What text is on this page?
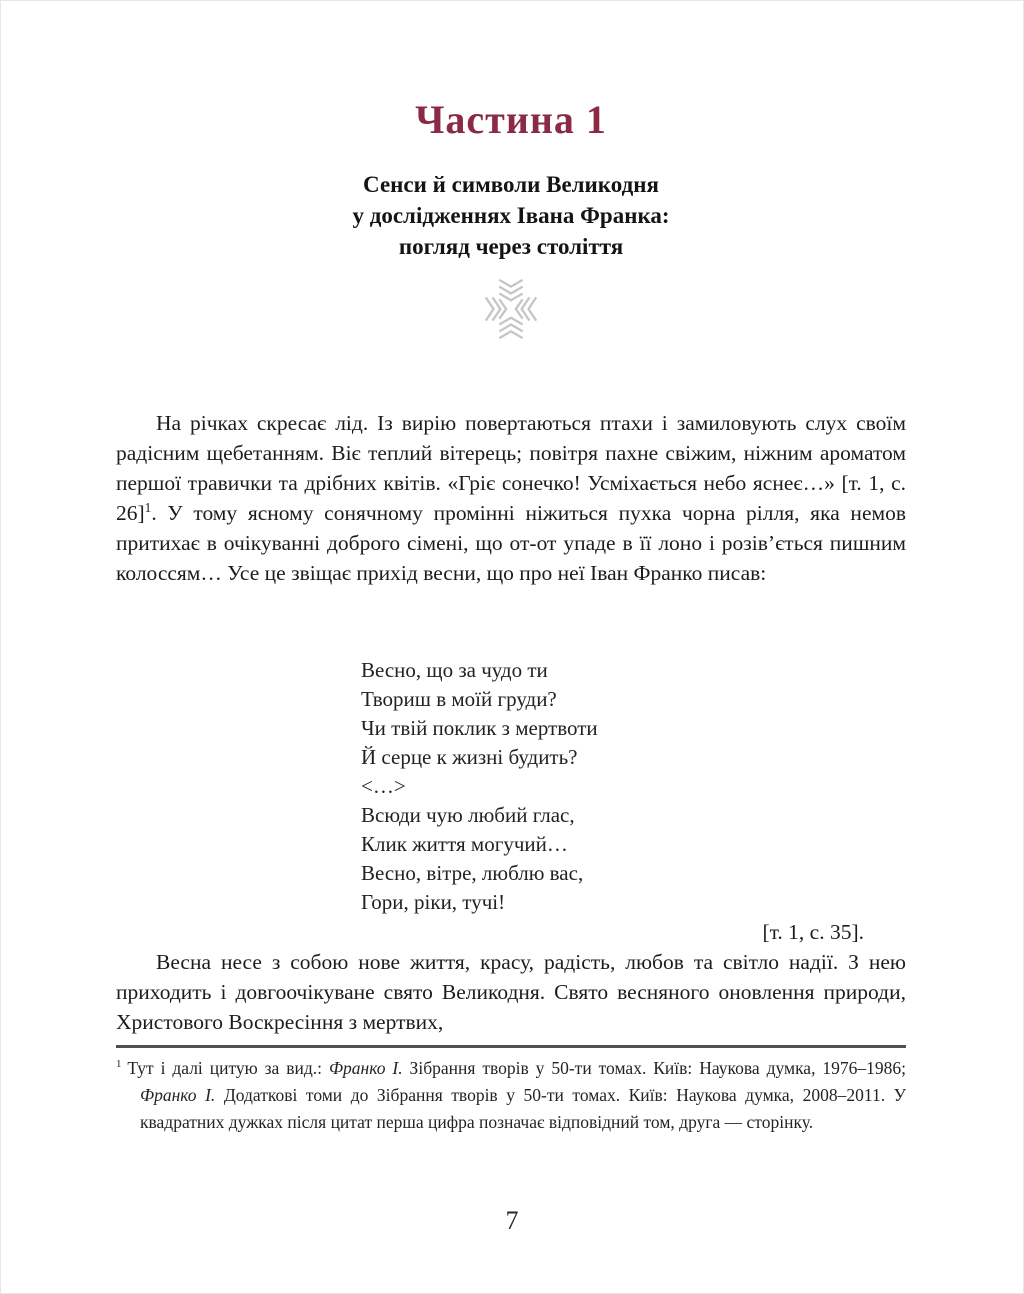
Частина 1
Сенси й символи Великодня
у дослідженнях Івана Франка:
погляд через століття

На річках скресає лід. Із вирію повертаються птахи і замиловують слух своїм радісним щебетанням. Віє теплий вітерець; повітря пахне свіжим, ніжним ароматом першої травички та дрібних квітів. «Гріє сонечко! Усміхається небо яснеє…» [т. 1, с. 26]$^1$. У тому ясному сонячному промінні ніжиться пухка чорна рілля, яка немов притихає в очікуванні доброго сімені, що от-от упаде в її лоно і розів’ється пишним колоссям… Усе це звіщає прихід весни, що про неї Іван Франко писав:

Весно, що за чудо ти
Твориш в моїй груди?
Чи твій поклик з мертвоти
Й серце к жизні будить?
<…>
Всюди чую любий глас,
Клик життя могучий…
Весно, вітре, люблю вас,
Гори, ріки, тучі!
[т. 1, с. 35].

Весна несе з собою нове життя, красу, радість, любов та світло надії. З нею приходить і довгоочікуване свято Великодня. Свято весняного оновлення природи, Христового Воскресіння з мертвих,

$^1$ Тут і далі цитую за вид.: Франко І. Зібрання творів у 50-ти томах. Київ: Наукова думка, 1976–1986; Франко І. Додаткові томи до Зібрання творів у 50-ти томах. Київ: Наукова думка, 2008–2011. У квадратних дужках після цитат перша цифра позначає відповідний том, друга — сторінку.

7
